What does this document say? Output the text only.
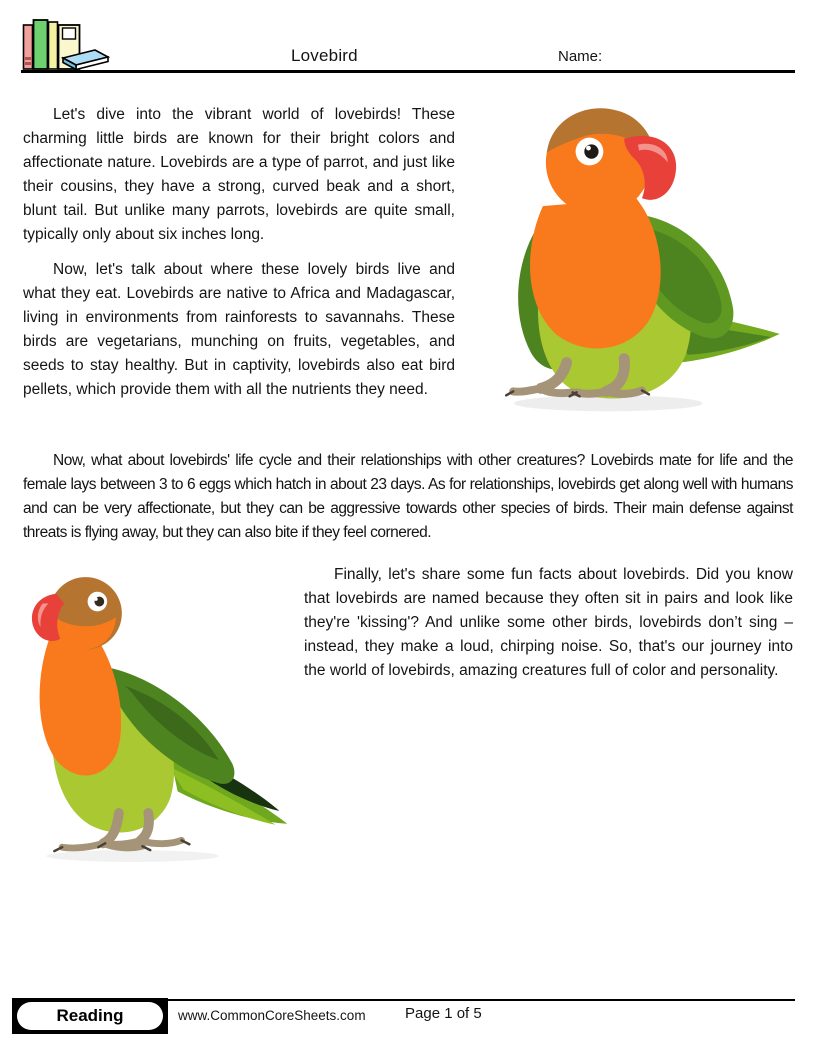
Lovebird	Name:

Let's dive into the vibrant world of lovebirds! These charming little birds are known for their bright colors and affectionate nature. Lovebirds are a type of parrot, and just like their cousins, they have a strong, curved beak and a short, blunt tail. But unlike many parrots, lovebirds are quite small, typically only about six inches long.

Now, let's talk about where these lovely birds live and what they eat. Lovebirds are native to Africa and Madagascar, living in environments from rainforests to savannahs. These birds are vegetarians, munching on fruits, vegetables, and seeds to stay healthy. But in captivity, lovebirds also eat bird pellets, which provide them with all the nutrients they need.

Now, what about lovebirds' life cycle and their relationships with other creatures? Lovebirds mate for life and the female lays between 3 to 6 eggs which hatch in about 23 days. As for relationships, lovebirds get along well with humans and can be very affectionate, but they can be aggressive towards other species of birds. Their main defense against threats is flying away, but they can also bite if they feel cornered.

Finally, let's share some fun facts about lovebirds. Did you know that lovebirds are named because they often sit in pairs and look like they're 'kissing'? And unlike some other birds, lovebirds don’t sing – instead, they make a loud, chirping noise. So, that's our journey into the world of lovebirds, amazing creatures full of color and personality.

Reading	www.CommonCoreSheets.com	Page 1 of 5
